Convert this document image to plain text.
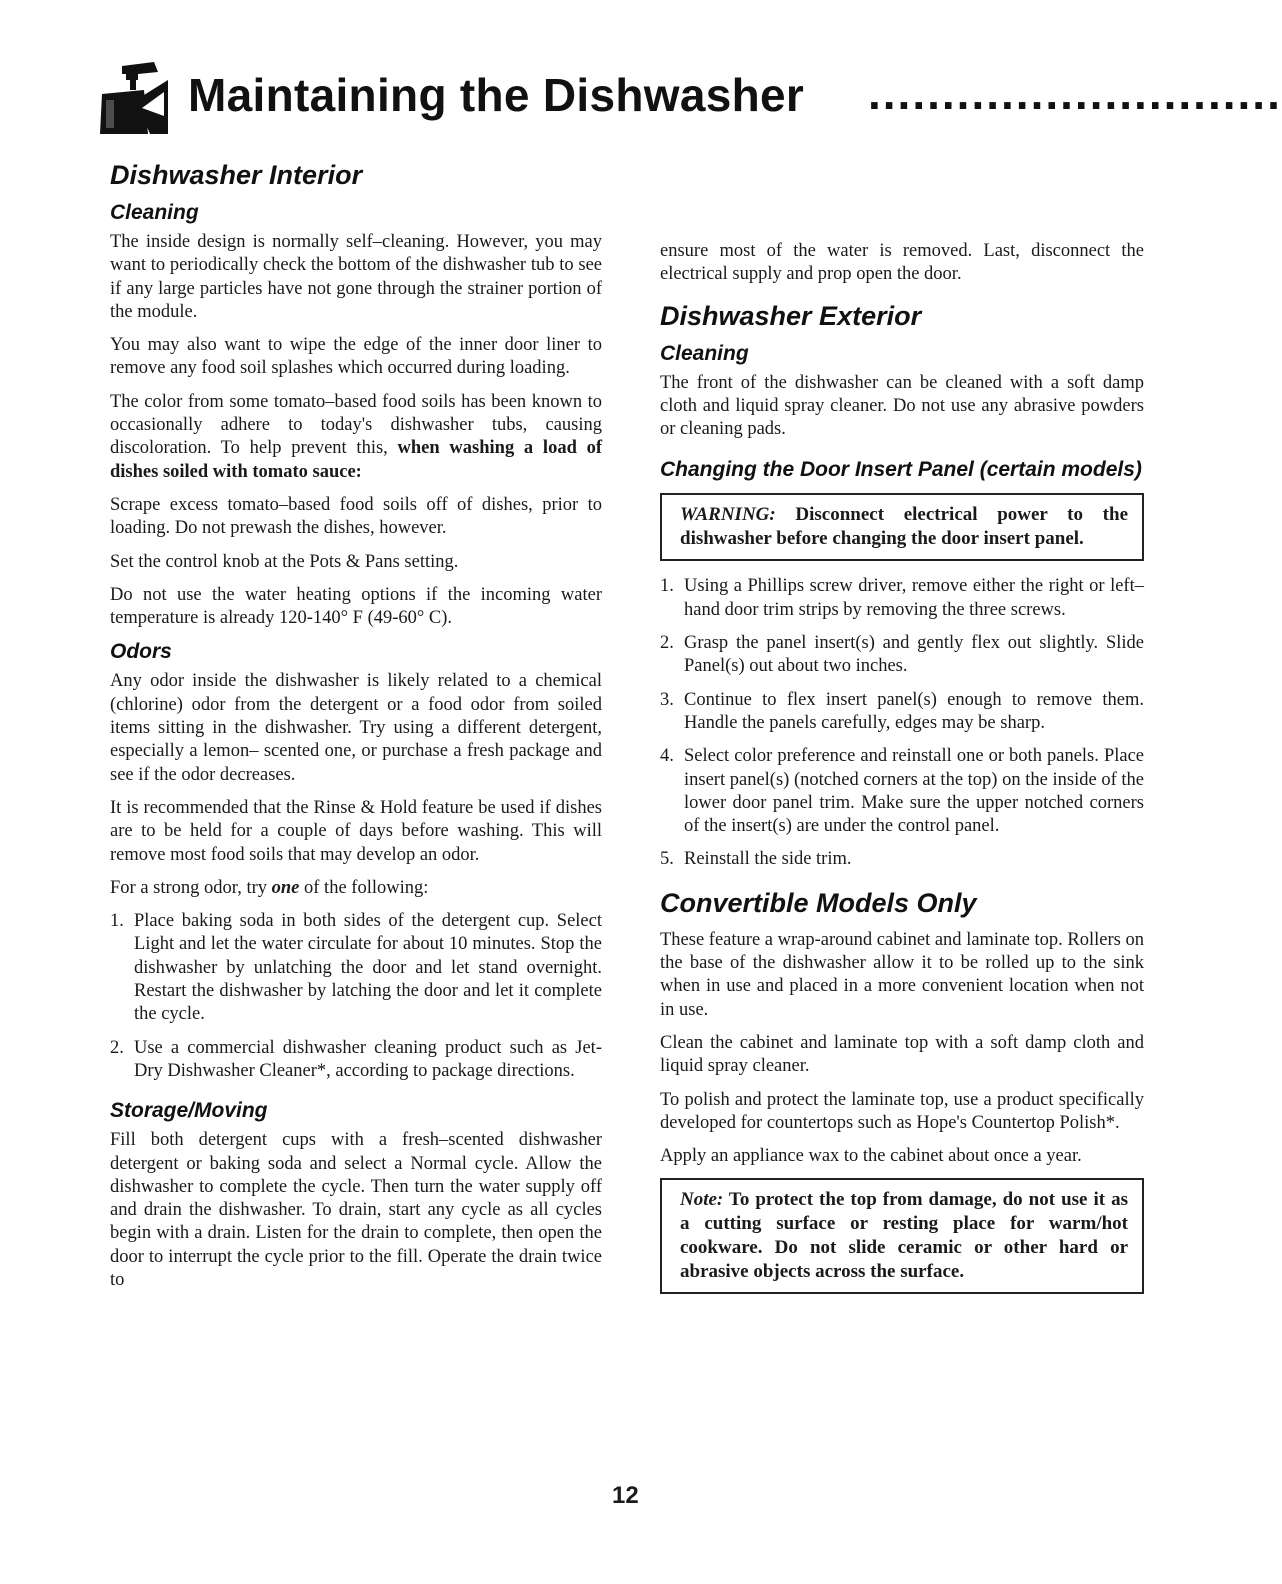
Maintaining the Dishwasher ............................
Dishwasher Interior
Cleaning

The inside design is normally self–cleaning. However, you may want to periodically check the bottom of the dishwasher tub to see if any large particles have not gone through the strainer portion of the module.

You may also want to wipe the edge of the inner door liner to remove any food soil splashes which occurred during loading.

The color from some tomato–based food soils has been known to occasionally adhere to today's dishwasher tubs, causing discoloration. To help prevent this, when washing a load of dishes soiled with tomato sauce:

Scrape excess tomato–based food soils off of dishes, prior to loading. Do not prewash the dishes, however.

Set the control knob at the Pots & Pans setting.

Do not use the water heating options if the incoming water temperature is already 120-140° F (49-60° C).

Odors

Any odor inside the dishwasher is likely related to a chemical (chlorine) odor from the detergent or a food odor from soiled items sitting in the dishwasher. Try using a different detergent, especially a lemon– scented one, or purchase a fresh package and see if the odor decreases.

It is recommended that the Rinse & Hold feature be used if dishes are to be held for a couple of days before washing. This will remove most food soils that may develop an odor.

For a strong odor, try one of the following:

1. Place baking soda in both sides of the detergent cup. Select Light and let the water circulate for about 10 minutes. Stop the dishwasher by unlatching the door and let stand overnight. Restart the dishwasher by latching the door and let it complete the cycle.
2. Use a commercial dishwasher cleaning product such as Jet-Dry Dishwasher Cleaner*, according to package directions.
Storage/Moving

Fill both detergent cups with a fresh–scented dishwasher detergent or baking soda and select a Normal cycle. Allow the dishwasher to complete the cycle. Then turn the water supply off and drain the dishwasher. To drain, start any cycle as all cycles begin with a drain. Listen for the drain to complete, then open the door to interrupt the cycle prior to the fill. Operate the drain twice to

ensure most of the water is removed. Last, disconnect the electrical supply and prop open the door.

Dishwasher Exterior
Cleaning

The front of the dishwasher can be cleaned with a soft damp cloth and liquid spray cleaner. Do not use any abrasive powders or cleaning pads.

Changing the Door Insert Panel (certain models)
WARNING: Disconnect electrical power to the dishwasher before changing the door insert panel.
1. Using a Phillips screw driver, remove either the right or left– hand door trim strips by removing the three screws.
2. Grasp the panel insert(s) and gently flex out slightly. Slide Panel(s) out about two inches.
3. Continue to flex insert panel(s) enough to remove them. Handle the panels carefully, edges may be sharp.
4. Select color preference and reinstall one or both panels. Place insert panel(s) (notched corners at the top) on the inside of the lower door panel trim. Make sure the upper notched corners of the insert(s) are under the control panel.
5. Reinstall the side trim.
Convertible Models Only

These feature a wrap-around cabinet and laminate top. Rollers on the base of the dishwasher allow it to be rolled up to the sink when in use and placed in a more convenient location when not in use.

Clean the cabinet and laminate top with a soft damp cloth and liquid spray cleaner.

To polish and protect the laminate top, use a product specifically developed for countertops such as Hope's Countertop Polish*.

Apply an appliance wax to the cabinet about once a year.

Note: To protect the top from damage, do not use it as a cutting surface or resting place for warm/hot cookware. Do not slide ceramic or other hard or abrasive objects across the surface.
12
